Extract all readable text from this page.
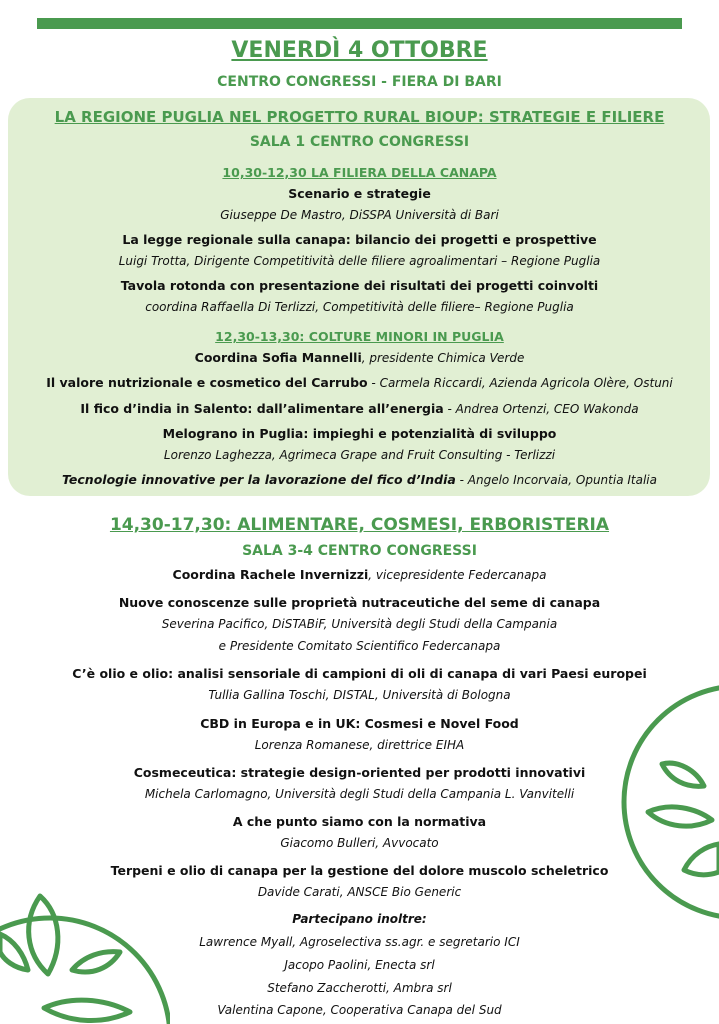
VENERDÌ 4 OTTOBRE
CENTRO CONGRESSI - FIERA DI BARI
LA REGIONE PUGLIA NEL PROGETTO RURAL BIOUP: STRATEGIE E FILIERE
SALA 1 CENTRO CONGRESSI
10,30-12,30 LA FILIERA DELLA CANAPA
Scenario e strategie
Giuseppe De Mastro, DiSSPA Università di Bari
La legge regionale sulla canapa: bilancio dei progetti e prospettive
Luigi Trotta, Dirigente Competitività delle filiere agroalimentari – Regione Puglia
Tavola rotonda con presentazione dei risultati dei progetti coinvolti
coordina Raffaella Di Terlizzi, Competitività delle filiere– Regione Puglia
12,30-13,30: COLTURE MINORI IN PUGLIA
Coordina Sofia Mannelli, presidente Chimica Verde
Il valore nutrizionale e cosmetico del Carrubo - Carmela Riccardi, Azienda Agricola Olère, Ostuni
Il fico d’india in Salento: dall’alimentare all’energia - Andrea Ortenzi, CEO Wakonda
Melograno in Puglia: impieghi e potenzialità di sviluppo
Lorenzo Laghezza, Agrimeca Grape and Fruit Consulting - Terlizzi
Tecnologie innovative per la lavorazione del fico d’India - Angelo Incorvaia, Opuntia Italia
14,30-17,30: ALIMENTARE, COSMESI, ERBORISTERIA
SALA 3-4 CENTRO CONGRESSI
Coordina Rachele Invernizzi, vicepresidente Federcanapa
Nuove conoscenze sulle proprietà nutraceutiche del seme di canapa
Severina Pacifico, DiSTABiF, Università degli Studi della Campania
e Presidente Comitato Scientifico Federcanapa
C’è olio e olio: analisi sensoriale di campioni di oli di canapa di vari Paesi europei
Tullia Gallina Toschi, DISTAL, Università di Bologna
CBD in Europa e in UK: Cosmesi e Novel Food
Lorenza Romanese, direttrice EIHA
Cosmeceutica: strategie design-oriented per prodotti innovativi
Michela Carlomagno, Università degli Studi della Campania L. Vanvitelli
A che punto siamo con la normativa
Giacomo Bulleri, Avvocato
Terpeni e olio di canapa per la gestione del dolore muscolo scheletrico
Davide Carati, ANSCE Bio Generic
Partecipano inoltre:
Lawrence Myall, Agroselectiva ss.agr. e segretario ICI
Jacopo Paolini, Enecta srl
Stefano Zaccherotti, Ambra srl
Valentina Capone, Cooperativa Canapa del Sud
